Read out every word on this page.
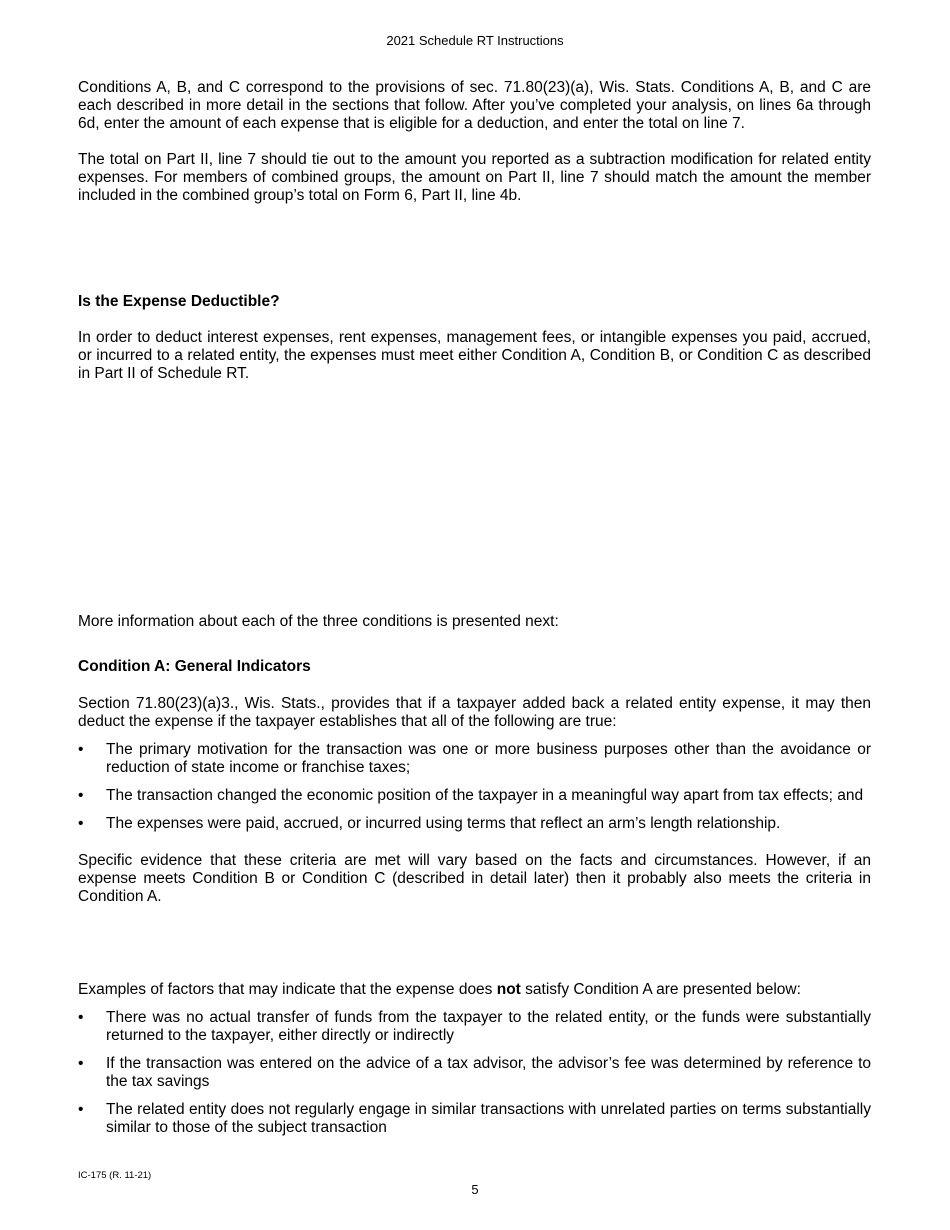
2021 Schedule RT Instructions
Conditions A, B, and C correspond to the provisions of sec. 71.80(23)(a), Wis. Stats. Conditions A, B, and C are each described in more detail in the sections that follow. After you’ve completed your analysis, on lines 6a through 6d, enter the amount of each expense that is eligible for a deduction, and enter the total on line 7.
The total on Part II, line 7 should tie out to the amount you reported as a subtraction modification for related entity expenses. For members of combined groups, the amount on Part II, line 7 should match the amount the member included in the combined group’s total on Form 6, Part II, line 4b.
Is the Expense Deductible?
In order to deduct interest expenses, rent expenses, management fees, or intangible expenses you paid, accrued, or incurred to a related entity, the expenses must meet either Condition A, Condition B, or Condition C as described in Part II of Schedule RT.
More information about each of the three conditions is presented next:
Condition A: General Indicators
Section 71.80(23)(a)3., Wis. Stats., provides that if a taxpayer added back a related entity expense, it may then deduct the expense if the taxpayer establishes that all of the following are true:
•	The primary motivation for the transaction was one or more business purposes other than the avoidance or reduction of state income or franchise taxes;
•	The transaction changed the economic position of the taxpayer in a meaningful way apart from tax effects; and
•	The expenses were paid, accrued, or incurred using terms that reflect an arm’s length relationship.
Specific evidence that these criteria are met will vary based on the facts and circumstances. However, if an expense meets Condition B or Condition C (described in detail later) then it probably also meets the criteria in Condition A.
Examples of factors that may indicate that the expense does not satisfy Condition A are presented below:
•	There was no actual transfer of funds from the taxpayer to the related entity, or the funds were substantially returned to the taxpayer, either directly or indirectly
•	If the transaction was entered on the advice of a tax advisor, the advisor’s fee was determined by reference to the tax savings
•	The related entity does not regularly engage in similar transactions with unrelated parties on terms substantially similar to those of the subject transaction
IC-175 (R. 11-21)
5
